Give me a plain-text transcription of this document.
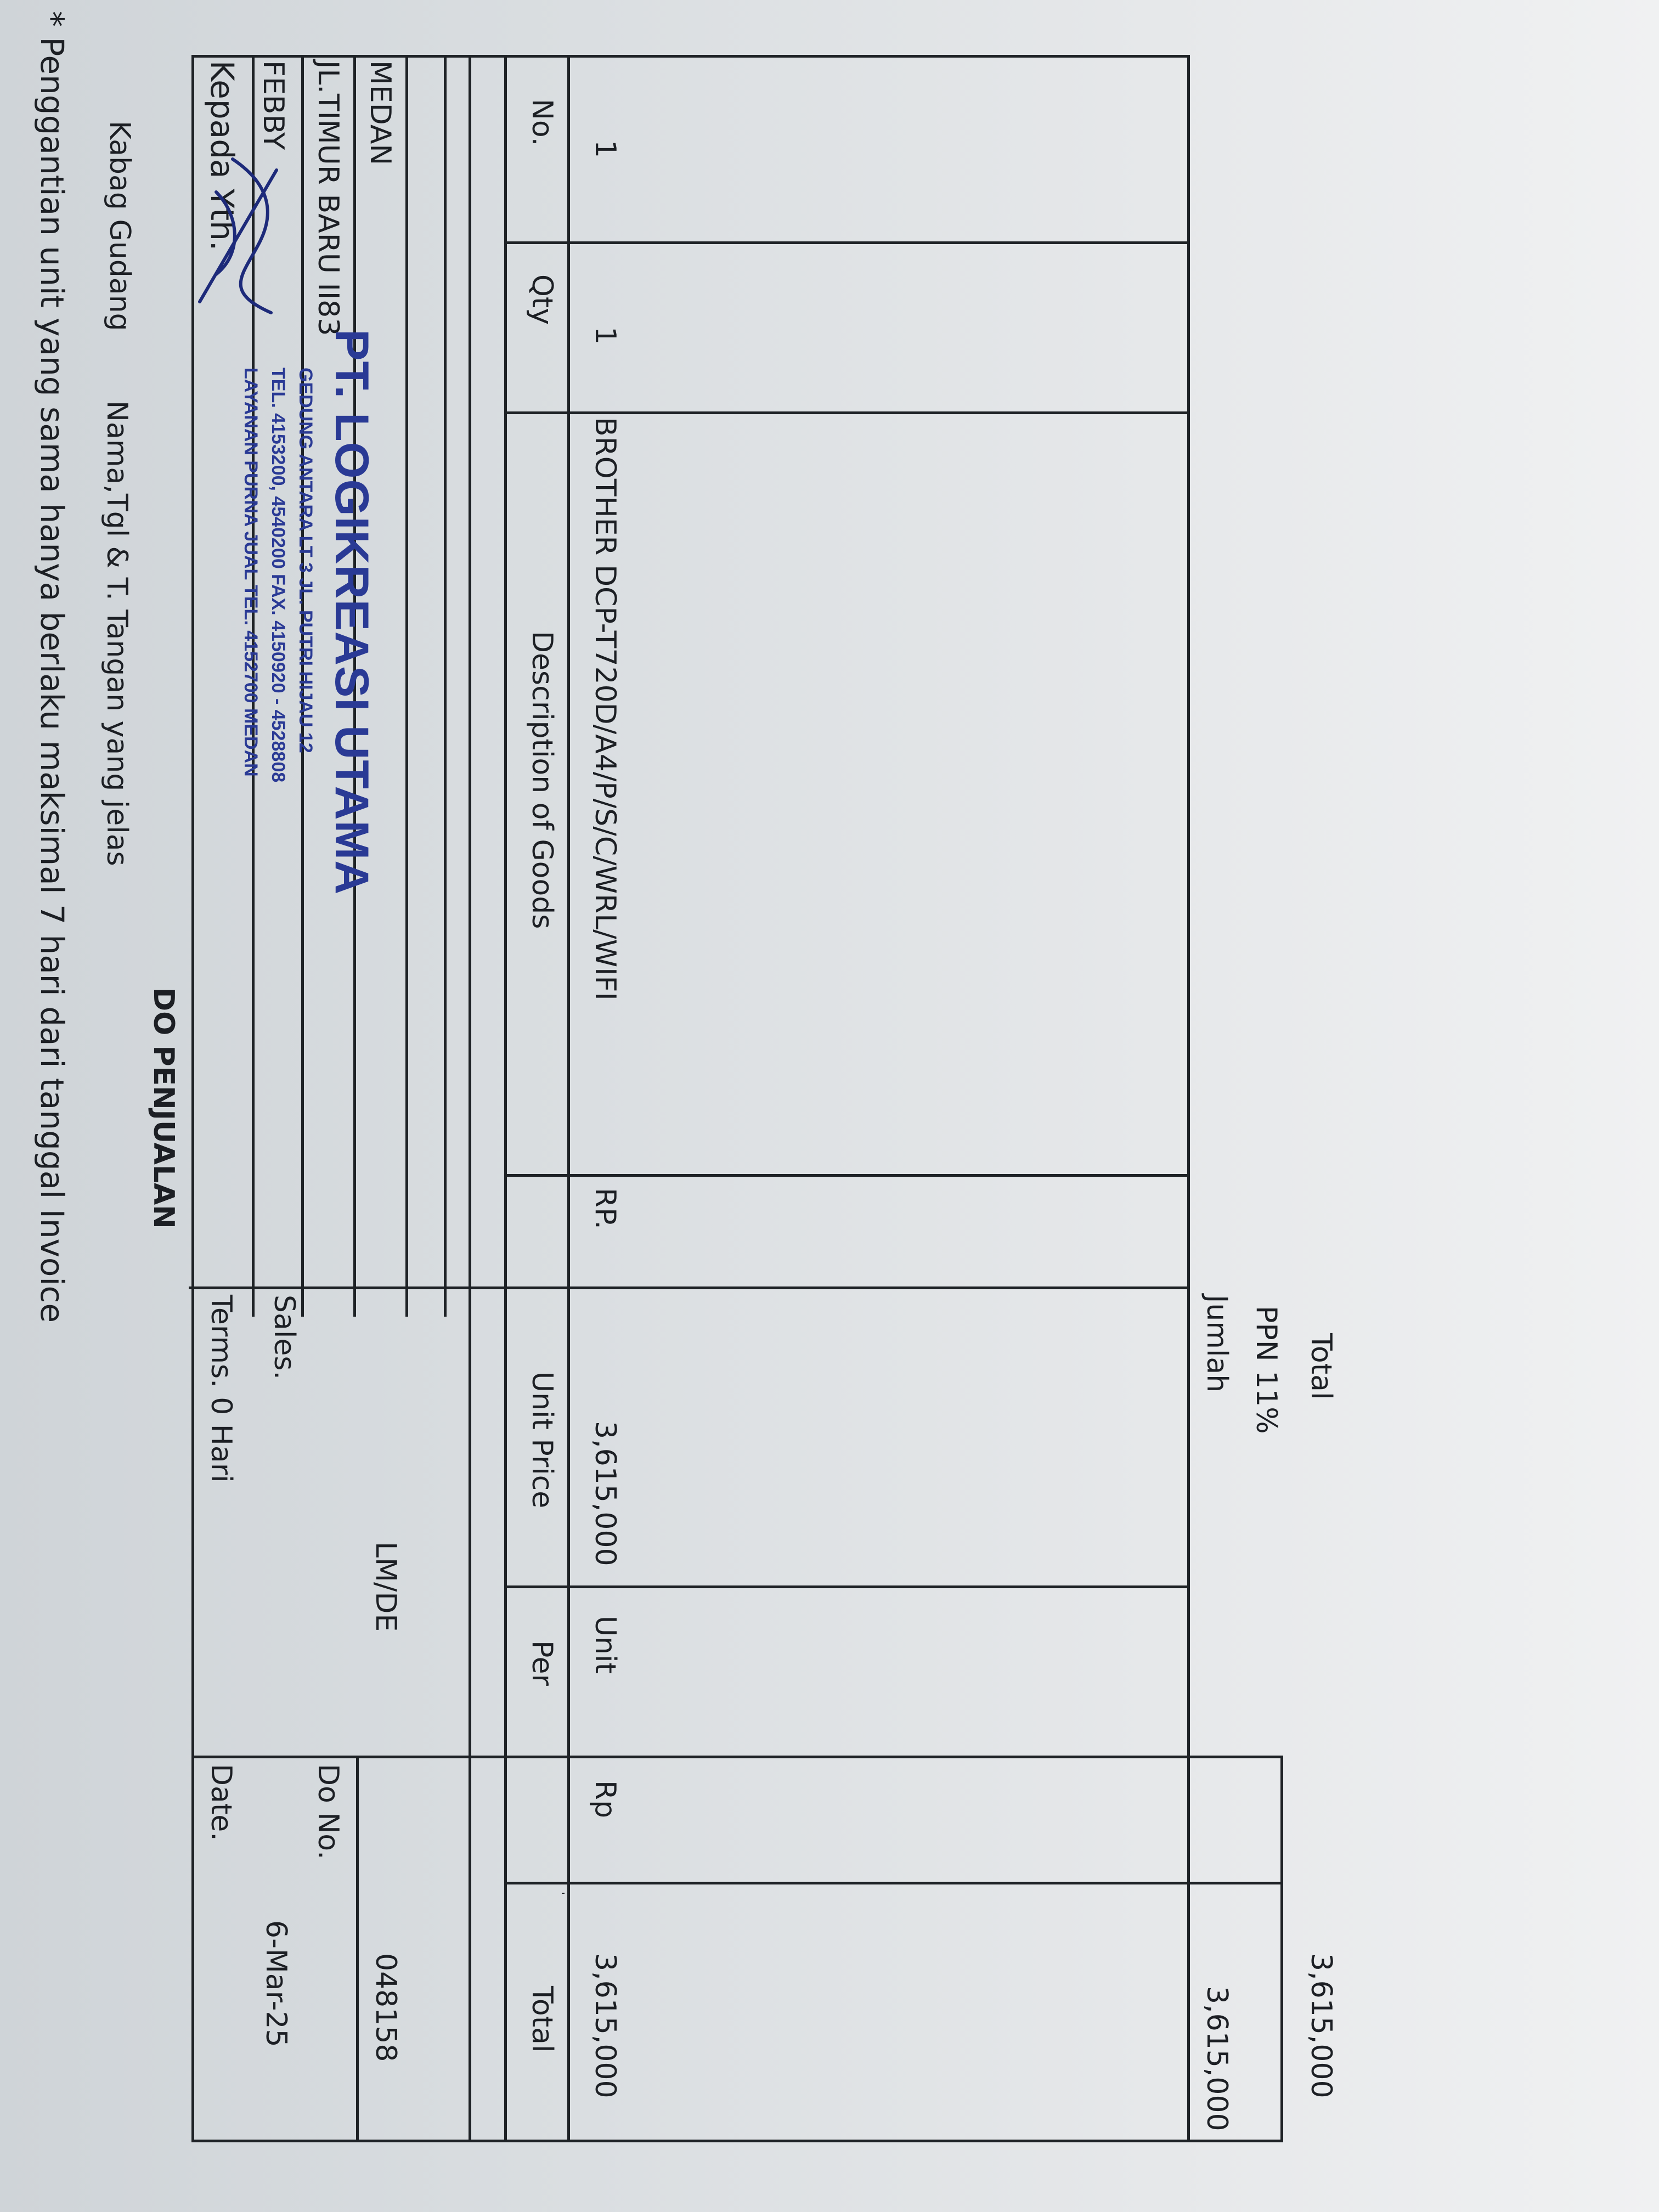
DO PENJUALAN
Kepada Yth. FEBBY JL.TIMUR BARU II83 MEDAN
Terms. 0 Hari Sales.
LM/DE
Date.
6-Mar-25
Do No.
048158
No.
Qty
Description of Goods
Unit Price
Per
Total
1
1
BROTHER DCP-T720D/A4/P/S/C/WRL/WIFI
RP.
3,615,000
Unit
Rp
3,615,000
Jumlah
3,615,000
PPN 11% Total
3,615,000
PT. LOGIKREASI UTAMA
GEDUNG ANTARA LT 3 JL. PUTRI HIJAU 12
TEL. 4153200, 4540200 FAX. 4150920 - 4528808
LAYANAN PURNA JUAL TEL. 4152700 MEDAN
Kabag Gudang
Nama,Tgl & T. Tangan yang jelas
* Penggantian unit yang sama hanya berlaku maksimal 7 hari dari tanggal Invoice
